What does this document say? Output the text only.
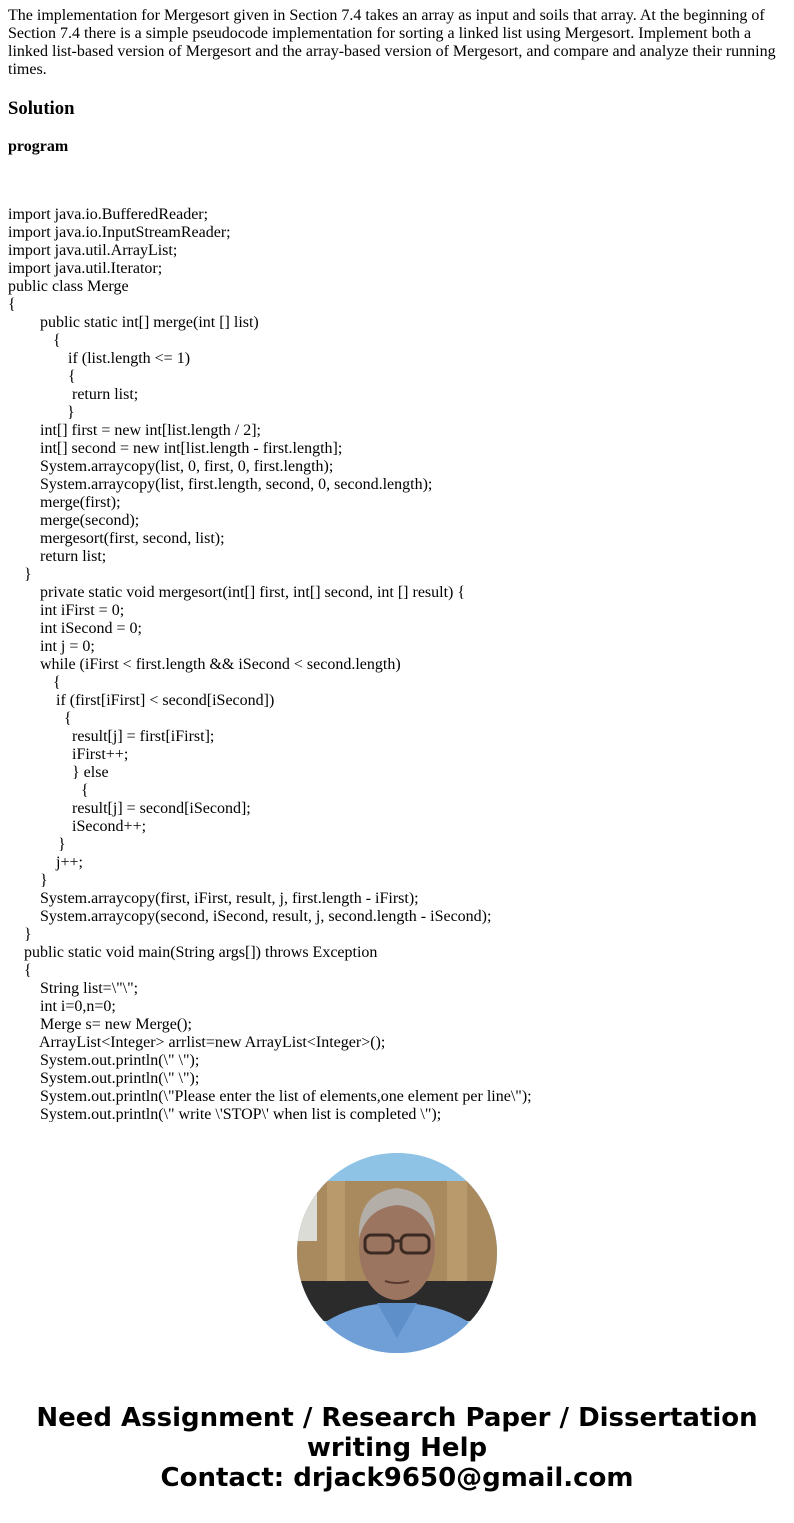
The implementation for Mergesort given in Section 7.4 takes an array as input and soils that array. At the beginning of Section 7.4 there is a simple pseudocode implementation for sorting a linked list using Mergesort. Implement both a linked list-based version of Mergesort and the array-based version of Mergesort, and compare and analyze their running times.

Solution
program
import java.io.BufferedReader;
import java.io.InputStreamReader;
import java.util.ArrayList;
import java.util.Iterator;
public class Merge
{
public static int[] merge(int [] list)
{
if (list.length <= 1)
{
return list;
}
int[] first = new int[list.length / 2];
int[] second = new int[list.length - first.length];
System.arraycopy(list, 0, first, 0, first.length);
System.arraycopy(list, first.length, second, 0, second.length);
merge(first);
merge(second);
mergesort(first, second, list);
return list;
}
private static void mergesort(int[] first, int[] second, int [] result) {
int iFirst = 0;
int iSecond = 0;
int j = 0;
while (iFirst < first.length && iSecond < second.length)
{
if (first[iFirst] < second[iSecond])
{
result[j] = first[iFirst];
iFirst++;
} else
{
result[j] = second[iSecond];
iSecond++;
}
j++;
}
System.arraycopy(first, iFirst, result, j, first.length - iFirst);
System.arraycopy(second, iSecond, result, j, second.length - iSecond);
}
public static void main(String args[]) throws Exception
{
String list=\"\";
int i=0,n=0;
Merge s= new Merge();
ArrayList<Integer> arrlist=new ArrayList<Integer>();
System.out.println(\" \");
System.out.println(\" \");
System.out.println(\"Please enter the list of elements,one element per line\");
System.out.println(\" write \'STOP\' when list is completed \");
Need Assignment / Research Paper / Dissertation
writing Help
Contact: drjack9650@gmail.com
